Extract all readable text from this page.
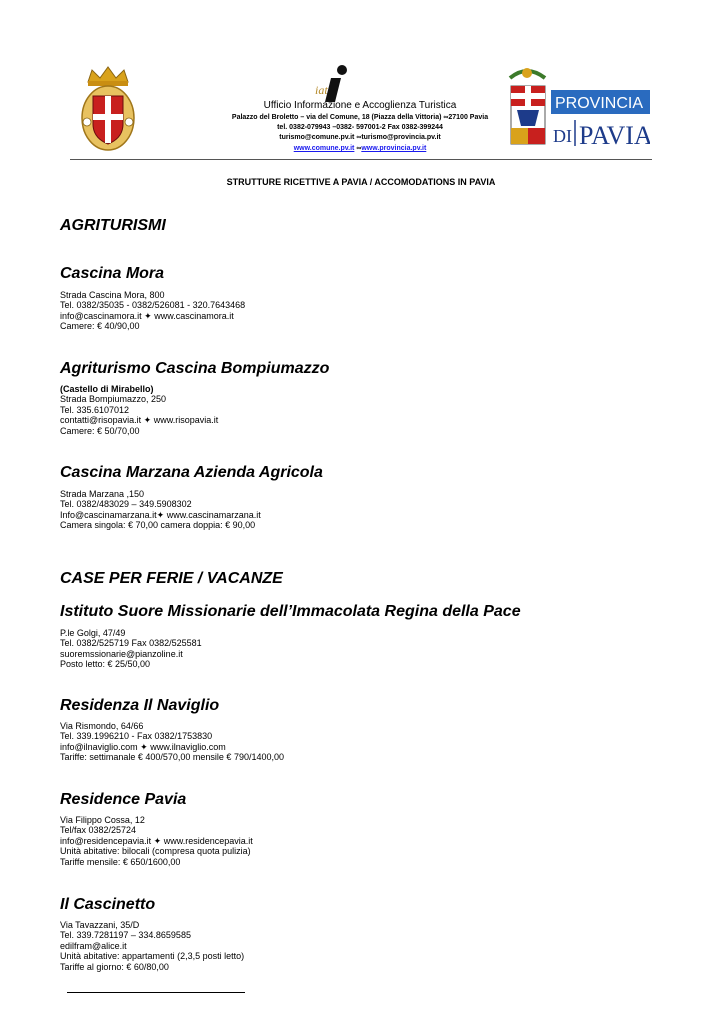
iat
Ufficio Informazione e Accoglienza Turistica
Palazzo del Broletto – via del Comune, 18 (Piazza della Vittoria) ∞27100 Pavia
tel. 0382-079943 –0382- 597001-2 Fax 0382-399244
turismo@comune.pv.it ∞turismo@provincia.pv.it
www.comune.pv.it ∞www.provincia.pv.it
PROVINCIA
DI PAVIA
STRUTTURE RICETTIVE A PAVIA / ACCOMODATIONS IN PAVIA
AGRITURISMI
Cascina Mora
Strada Cascina Mora, 800
Tel. 0382/35035 - 0382/526081 - 320.7643468
info@cascinamora.it ✦ www.cascinamora.it
Camere: € 40/90,00
Agriturismo Cascina Bompiumazzo
(Castello di Mirabello)
Strada Bompiumazzo, 250
Tel. 335.6107012
contatti@risopavia.it ✦ www.risopavia.it
Camere: € 50/70,00
Cascina Marzana Azienda Agricola
Strada Marzana ,150
Tel. 0382/483029 – 349.5908302
Info@cascinamarzana.it✦ www.cascinamarzana.it
Camera singola: € 70,00 camera doppia: € 90,00
CASE PER FERIE / VACANZE
Istituto Suore Missionarie dell’Immacolata Regina della Pace
P.le Golgi, 47/49
Tel. 0382/525719 Fax 0382/525581
suoremssionarie@pianzoline.it
Posto letto: € 25/50,00
Residenza Il Naviglio
Via Rismondo, 64/66
Tel. 339.1996210 - Fax 0382/1753830
info@ilnaviglio.com ✦ www.ilnaviglio.com
Tariffe: settimanale € 400/570,00 mensile € 790/1400,00
Residence Pavia
Via Filippo Cossa, 12
Tel/fax 0382/25724
info@residencepavia.it ✦ www.residencepavia.it
Unità abitative: bilocali (compresa quota pulizia)
Tariffe mensile: € 650/1600,00
Il Cascinetto
Via Tavazzani, 35/D
Tel. 339.7281197 – 334.8659585
edilfram@alice.it
Unità abitative: appartamenti (2,3,5 posti letto)
Tariffe al giorno: € 60/80,00
